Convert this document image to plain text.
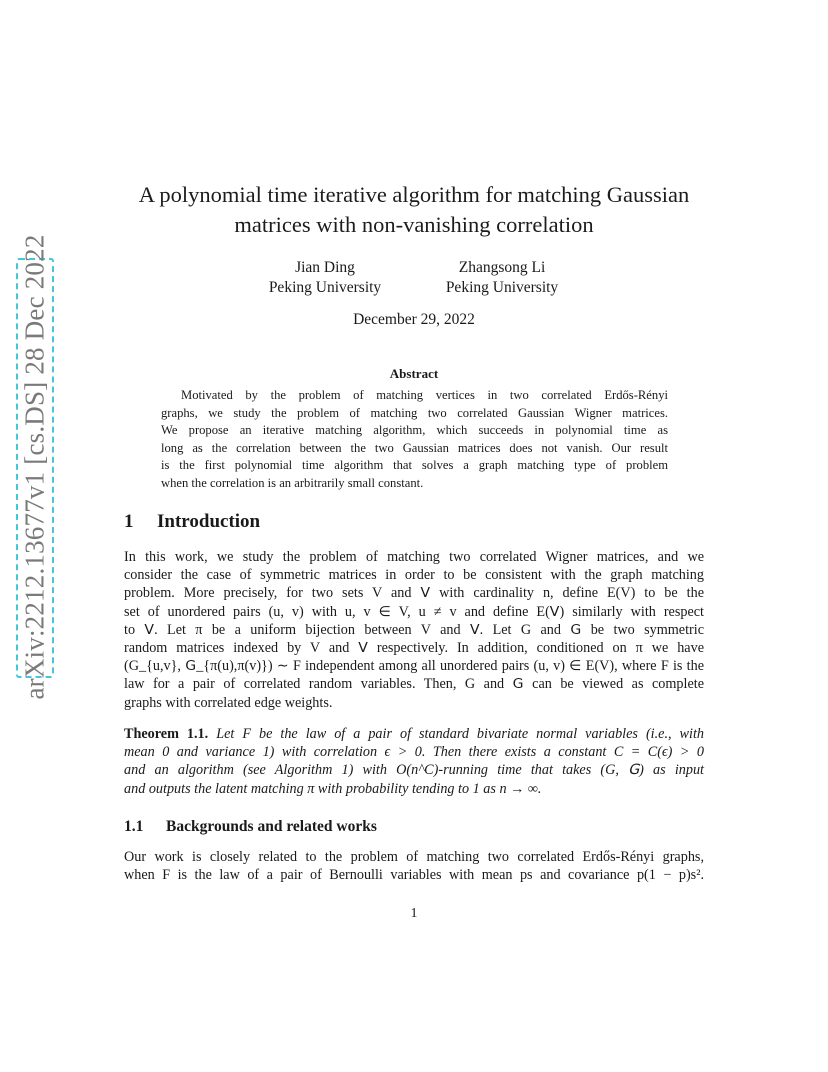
arXiv:2212.13677v1 [cs.DS] 28 Dec 2022
A polynomial time iterative algorithm for matching Gaussian
matrices with non-vanishing correlation
Jian Ding
Peking University
Zhangsong Li
Peking University
December 29, 2022
Abstract
Motivated by the problem of matching vertices in two correlated Erdős-Rényi
graphs, we study the problem of matching two correlated Gaussian Wigner matrices.
We propose an iterative matching algorithm, which succeeds in polynomial time as
long as the correlation between the two Gaussian matrices does not vanish. Our result
is the first polynomial time algorithm that solves a graph matching type of problem
when the correlation is an arbitrarily small constant.
1 Introduction
In this work, we study the problem of matching two correlated Wigner matrices, and we
consider the case of symmetric matrices in order to be consistent with the graph matching
problem. More precisely, for two sets V and 𝖵 with cardinality n, define E(V) to be the
set of unordered pairs (u, v) with u, v ∈ V, u ≠ v and define E(𝖵) similarly with respect
to 𝖵. Let π be a uniform bijection between V and 𝖵. Let G and 𝖦 be two symmetric
random matrices indexed by V and 𝖵 respectively. In addition, conditioned on π we have
(G_{u,v}, 𝖦_{π(u),π(v)}) ∼ F independent among all unordered pairs (u, v) ∈ E(V), where F is the
law for a pair of correlated random variables. Then, G and 𝖦 can be viewed as complete
graphs with correlated edge weights.
Theorem 1.1. Let F be the law of a pair of standard bivariate normal variables (i.e., with
mean 0 and variance 1) with correlation ϵ > 0. Then there exists a constant C = C(ϵ) > 0
and an algorithm (see Algorithm 1) with O(n^C)-running time that takes (G, 𝖦) as input
and outputs the latent matching π with probability tending to 1 as n → ∞.
1.1 Backgrounds and related works
Our work is closely related to the problem of matching two correlated Erdős-Rényi graphs,
when F is the law of a pair of Bernoulli variables with mean ps and covariance p(1 − p)s².
1
